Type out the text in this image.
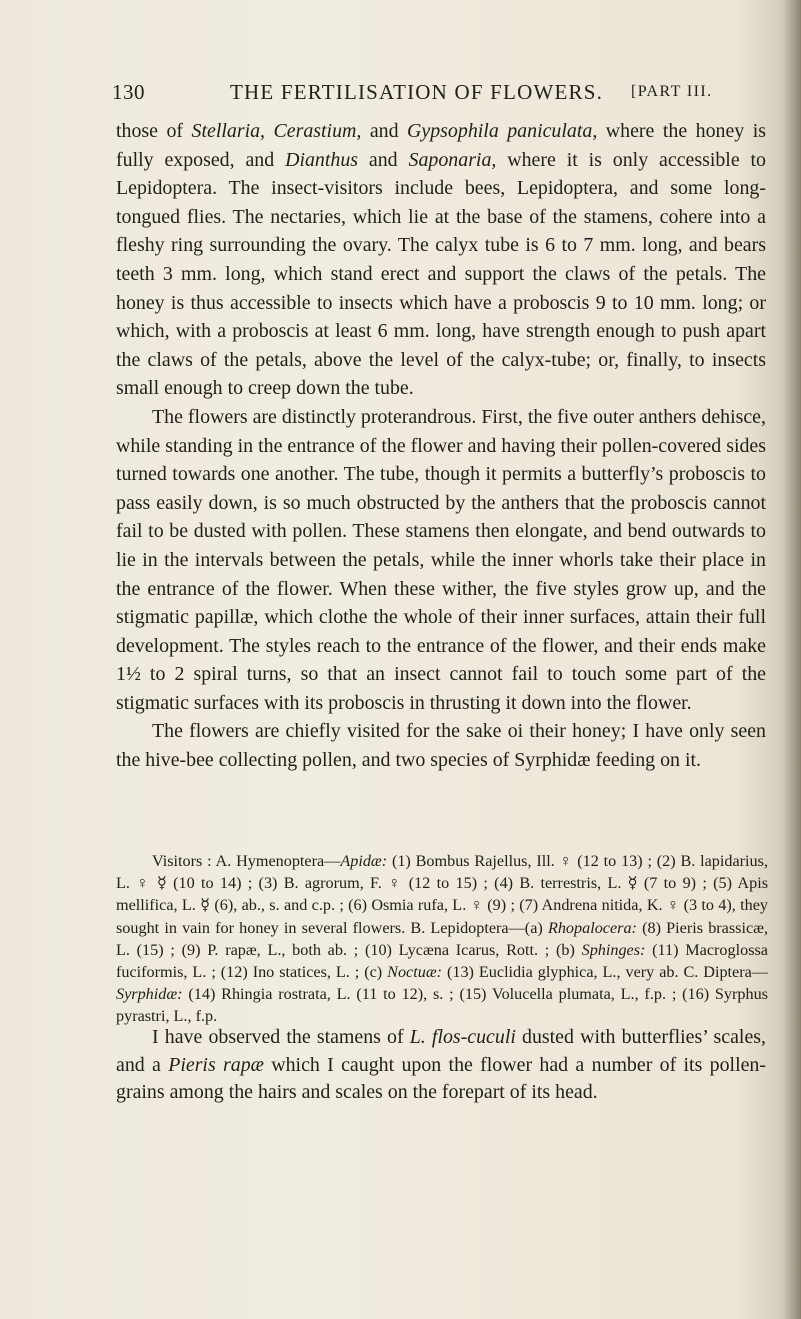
130	THE FERTILISATION OF FLOWERS. [PART III.

those of Stellaria, Cerastium, and Gypsophila paniculata, where the honey is fully exposed, and Dianthus and Saponaria, where it is only accessible to Lepidoptera. The insect-visitors include bees, Lepidoptera, and some long-tongued flies. The nectaries, which lie at the base of the stamens, cohere into a fleshy ring surrounding the ovary. The calyx tube is 6 to 7 mm. long, and bears teeth 3 mm. long, which stand erect and support the claws of the petals. The honey is thus accessible to insects which have a proboscis 9 to 10 mm. long; or which, with a proboscis at least 6 mm. long, have strength enough to push apart the claws of the petals, above the level of the calyx-tube; or, finally, to insects small enough to creep down the tube.

The flowers are distinctly proterandrous. First, the five outer anthers dehisce, while standing in the entrance of the flower and having their pollen-covered sides turned towards one another. The tube, though it permits a butterfly’s proboscis to pass easily down, is so much obstructed by the anthers that the proboscis cannot fail to be dusted with pollen. These stamens then elongate, and bend outwards to lie in the intervals between the petals, while the inner whorls take their place in the entrance of the flower. When these wither, the five styles grow up, and the stigmatic papillæ, which clothe the whole of their inner surfaces, attain their full development. The styles reach to the entrance of the flower, and their ends make 1½ to 2 spiral turns, so that an insect cannot fail to touch some part of the stigmatic surfaces with its proboscis in thrusting it down into the flower.

The flowers are chiefly visited for the sake oi their honey; I have only seen the hive-bee collecting pollen, and two species of Syrphidæ feeding on it.

Visitors : A. Hymenoptera—Apidæ: (1) Bombus Rajellus, Ill. ♀ (12 to 13) ; (2) B. lapidarius, L. ♀ ☿ (10 to 14) ; (3) B. agrorum, F. ♀ (12 to 15) ; (4) B. terrestris, L. ☿ (7 to 9) ; (5) Apis mellifica, L. ☿ (6), ab., s. and c.p. ; (6) Osmia rufa, L. ♀ (9) ; (7) Andrena nitida, K. ♀ (3 to 4), they sought in vain for honey in several flowers. B. Lepidoptera—(a) Rhopalocera: (8) Pieris brassicæ, L. (15) ; (9) P. rapæ, L., both ab. ; (10) Lycæna Icarus, Rott. ; (b) Sphinges: (11) Macroglossa fuciformis, L. ; (12) Ino statices, L. ; (c) Noctuæ: (13) Euclidia glyphica, L., very ab. C. Diptera—Syrphidæ: (14) Rhingia rostrata, L. (11 to 12), s. ; (15) Volucella plumata, L., f.p. ; (16) Syrphus pyrastri, L., f.p.

I have observed the stamens of L. flos-cuculi dusted with butterflies’ scales, and a Pieris rapæ which I caught upon the flower had a number of its pollen-grains among the hairs and scales on the forepart of its head.
